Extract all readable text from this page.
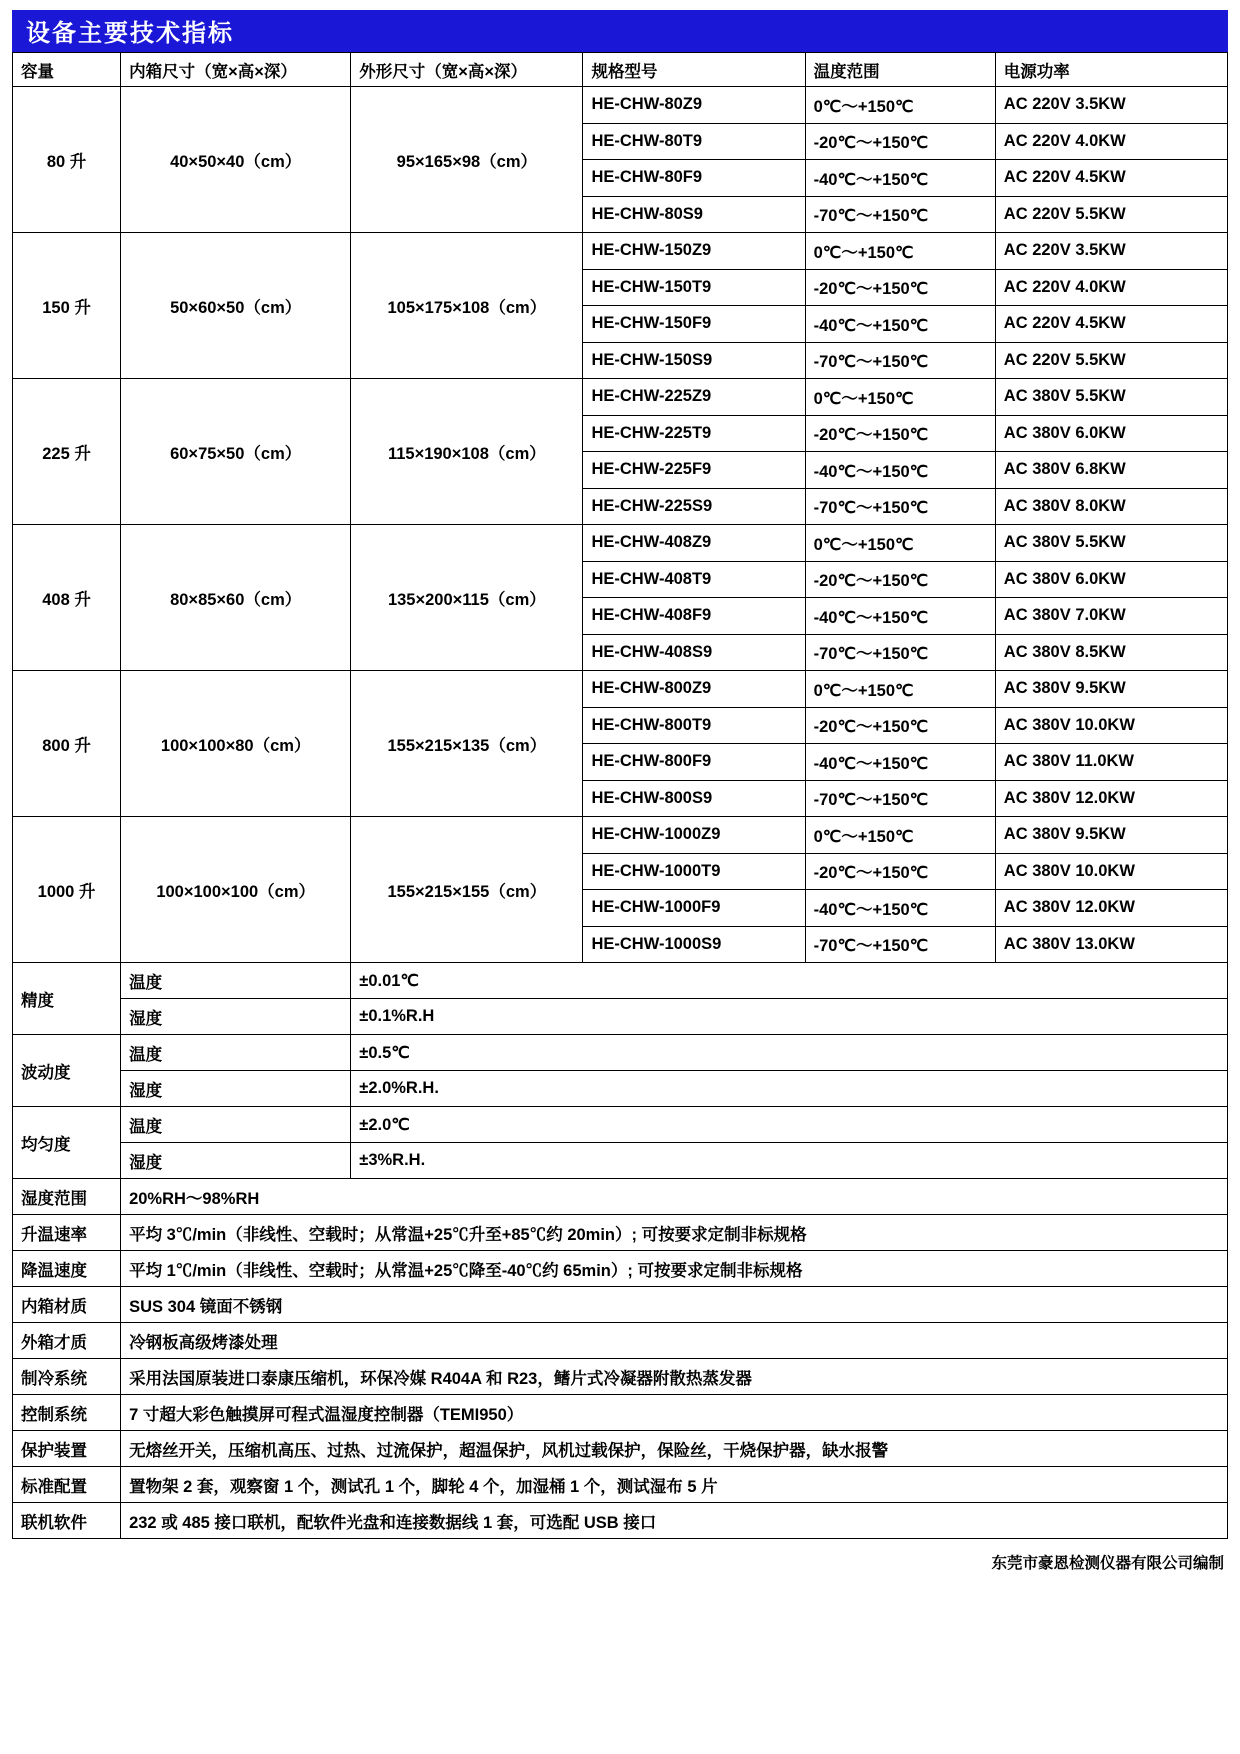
设备主要技术指标
容量	内箱尺寸（宽×高×深）	外形尺寸（宽×高×深）	规格型号	温度范围	电源功率
80 升	40×50×40（cm）	95×165×98（cm）	HE-CHW-80Z9	0℃～+150℃	AC 220V 3.5KW
			HE-CHW-80T9	-20℃～+150℃	AC 220V 4.0KW
			HE-CHW-80F9	-40℃～+150℃	AC 220V 4.5KW
			HE-CHW-80S9	-70℃～+150℃	AC 220V 5.5KW
150 升	50×60×50（cm）	105×175×108（cm）	HE-CHW-150Z9	0℃～+150℃	AC 220V 3.5KW
			HE-CHW-150T9	-20℃～+150℃	AC 220V 4.0KW
			HE-CHW-150F9	-40℃～+150℃	AC 220V 4.5KW
			HE-CHW-150S9	-70℃～+150℃	AC 220V 5.5KW
225 升	60×75×50（cm）	115×190×108（cm）	HE-CHW-225Z9	0℃～+150℃	AC 380V 5.5KW
			HE-CHW-225T9	-20℃～+150℃	AC 380V 6.0KW
			HE-CHW-225F9	-40℃～+150℃	AC 380V 6.8KW
			HE-CHW-225S9	-70℃～+150℃	AC 380V 8.0KW
408 升	80×85×60（cm）	135×200×115（cm）	HE-CHW-408Z9	0℃～+150℃	AC 380V 5.5KW
			HE-CHW-408T9	-20℃～+150℃	AC 380V 6.0KW
			HE-CHW-408F9	-40℃～+150℃	AC 380V 7.0KW
			HE-CHW-408S9	-70℃～+150℃	AC 380V 8.5KW
800 升	100×100×80（cm）	155×215×135（cm）	HE-CHW-800Z9	0℃～+150℃	AC 380V 9.5KW
			HE-CHW-800T9	-20℃～+150℃	AC 380V 10.0KW
			HE-CHW-800F9	-40℃～+150℃	AC 380V 11.0KW
			HE-CHW-800S9	-70℃～+150℃	AC 380V 12.0KW
1000 升	100×100×100（cm）	155×215×155（cm）	HE-CHW-1000Z9	0℃～+150℃	AC 380V 9.5KW
			HE-CHW-1000T9	-20℃～+150℃	AC 380V 10.0KW
			HE-CHW-1000F9	-40℃～+150℃	AC 380V 12.0KW
			HE-CHW-1000S9	-70℃～+150℃	AC 380V 13.0KW
精度	温度	±0.01℃			
	湿度	±0.1%R.H			
波动度	温度	±0.5℃			
	湿度	±2.0%R.H.			
均匀度	温度	±2.0℃			
	湿度	±3%R.H.			
湿度范围	20%RH～98%RH				
升温速率	平均 3℃/min（非线性、空载时；从常温+25℃升至+85℃约 20min）; 可按要求定制非标规格				
降温速度	平均 1℃/min（非线性、空载时；从常温+25℃降至-40℃约 65min）; 可按要求定制非标规格				
内箱材质	SUS 304 镜面不锈钢				
外箱才质	冷钢板高级烤漆处理				
制冷系统	采用法国原装进口泰康压缩机，环保冷媒 R404A 和 R23，鳍片式冷凝器附散热蒸发器				
控制系统	7 寸超大彩色触摸屏可程式温湿度控制器（TEMI950）				
保护装置	无熔丝开关，压缩机高压、过热、过流保护，超温保护，风机过载保护，保险丝，干烧保护器，缺水报警				
标准配置	置物架 2 套，观察窗 1 个，测试孔 1 个，脚轮 4 个，加湿桶 1 个，测试湿布 5 片				
联机软件	232 或 485 接口联机，配软件光盘和连接数据线 1 套，可选配 USB 接口				
东莞市豪恩检测仪器有限公司编制
